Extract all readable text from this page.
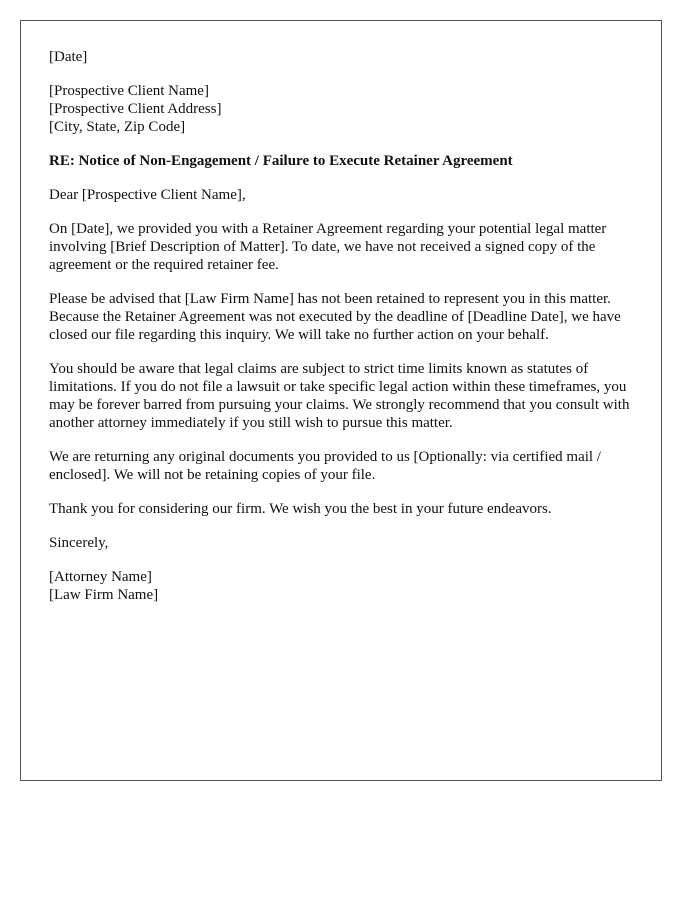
[Date]

[Prospective Client Name]
[Prospective Client Address]
[City, State, Zip Code]

RE: Notice of Non-Engagement / Failure to Execute Retainer Agreement

Dear [Prospective Client Name],

On [Date], we provided you with a Retainer Agreement regarding your potential legal matter involving [Brief Description of Matter]. To date, we have not received a signed copy of the agreement or the required retainer fee.

Please be advised that [Law Firm Name] has not been retained to represent you in this matter. Because the Retainer Agreement was not executed by the deadline of [Deadline Date], we have closed our file regarding this inquiry. We will take no further action on your behalf.

You should be aware that legal claims are subject to strict time limits known as statutes of limitations. If you do not file a lawsuit or take specific legal action within these timeframes, you may be forever barred from pursuing your claims. We strongly recommend that you consult with another attorney immediately if you still wish to pursue this matter.

We are returning any original documents you provided to us [Optionally: via certified mail / enclosed]. We will not be retaining copies of your file.

Thank you for considering our firm. We wish you the best in your future endeavors.

Sincerely,

[Attorney Name]
[Law Firm Name]
